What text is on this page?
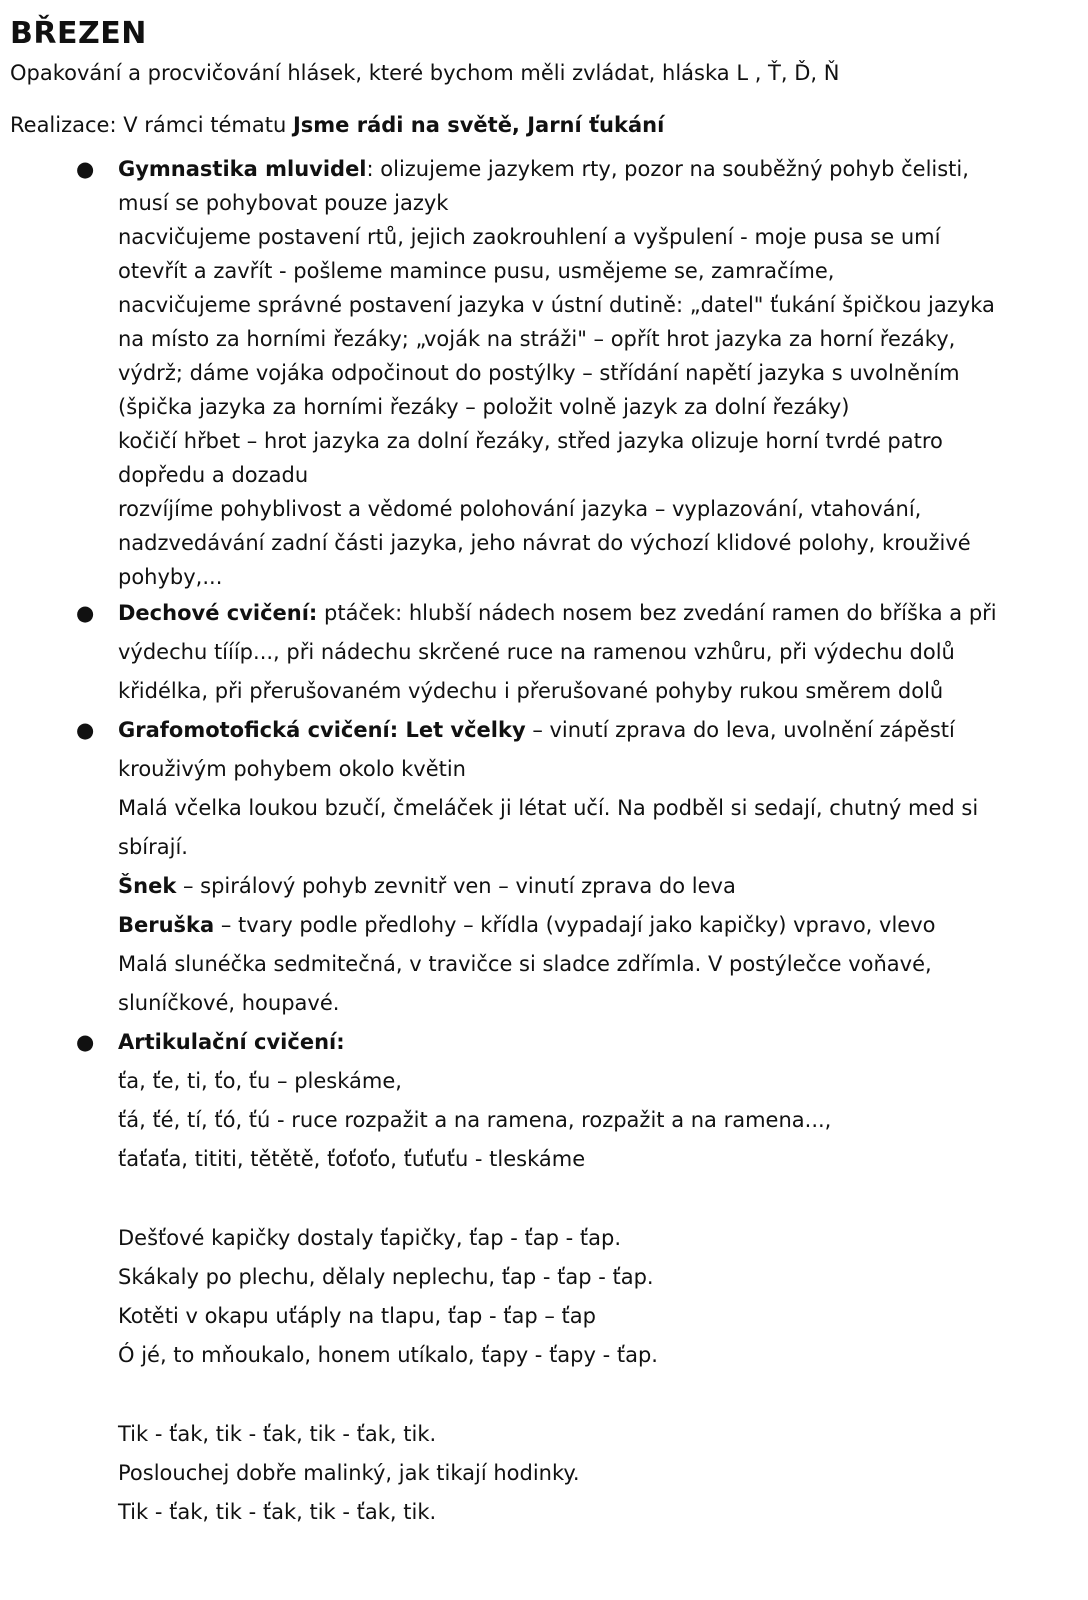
BŘEZEN
Opakování a procvičování hlásek, které bychom měli zvládat, hláska L , Ť, Ď, Ň
Realizace: V rámci tématu Jsme rádi na světě, Jarní ťukání
● Gymnastika mluvidel: olizujeme jazykem rty, pozor na souběžný pohyb čelisti,
musí se pohybovat pouze jazyk
nacvičujeme postavení rtů, jejich zaokrouhlení a vyšpulení - moje pusa se umí
otevřít a zavřít - pošleme mamince pusu, usmějeme se, zamračíme,
nacvičujeme správné postavení jazyka v ústní dutině: „datel" ťukání špičkou jazyka
na místo za horními řezáky; „voják na stráži" – opřít hrot jazyka za horní řezáky,
výdrž; dáme vojáka odpočinout do postýlky – střídání napětí jazyka s uvolněním
(špička jazyka za horními řezáky – položit volně jazyk za dolní řezáky)
kočičí hřbet – hrot jazyka za dolní řezáky, střed jazyka olizuje horní tvrdé patro
dopředu a dozadu
rozvíjíme pohyblivost a vědomé polohování jazyka – vyplazování, vtahování,
nadzvedávání zadní části jazyka, jeho návrat do výchozí klidové polohy, krouživé
pohyby,...
● Dechové cvičení: ptáček: hlubší nádech nosem bez zvedání ramen do bříška a při
výdechu tíííp..., při nádechu skrčené ruce na ramenou vzhůru, při výdechu dolů
křidélka, při přerušovaném výdechu i přerušované pohyby rukou směrem dolů
● Grafomotofická cvičení: Let včelky – vinutí zprava do leva, uvolnění zápěstí
krouživým pohybem okolo květin
Malá včelka loukou bzučí, čmeláček ji létat učí. Na podběl si sedají, chutný med si
sbírají.
Šnek – spirálový pohyb zevnitř ven – vinutí zprava do leva
Beruška – tvary podle předlohy – křídla (vypadají jako kapičky) vpravo, vlevo
Malá slunéčka sedmitečná, v travičce si sladce zdřímla. V postýlečce voňavé,
sluníčkové, houpavé.
● Artikulační cvičení:
ťa, ťe, ti, ťo, ťu – pleskáme,
ťá, ťé, tí, ťó, ťú - ruce rozpažit a na ramena, rozpažit a na ramena...,
ťaťaťa, tititi, tětětě, ťoťoťo, ťuťuťu - tleskáme
Dešťové kapičky dostaly ťapičky, ťap - ťap - ťap.
Skákaly po plechu, dělaly neplechu, ťap - ťap - ťap.
Kotěti v okapu uťáply na tlapu, ťap - ťap – ťap
Ó jé, to mňoukalo, honem utíkalo, ťapy - ťapy - ťap.
Tik - ťak, tik - ťak, tik - ťak, tik.
Poslouchej dobře malinký, jak tikají hodinky.
Tik - ťak, tik - ťak, tik - ťak, tik.
